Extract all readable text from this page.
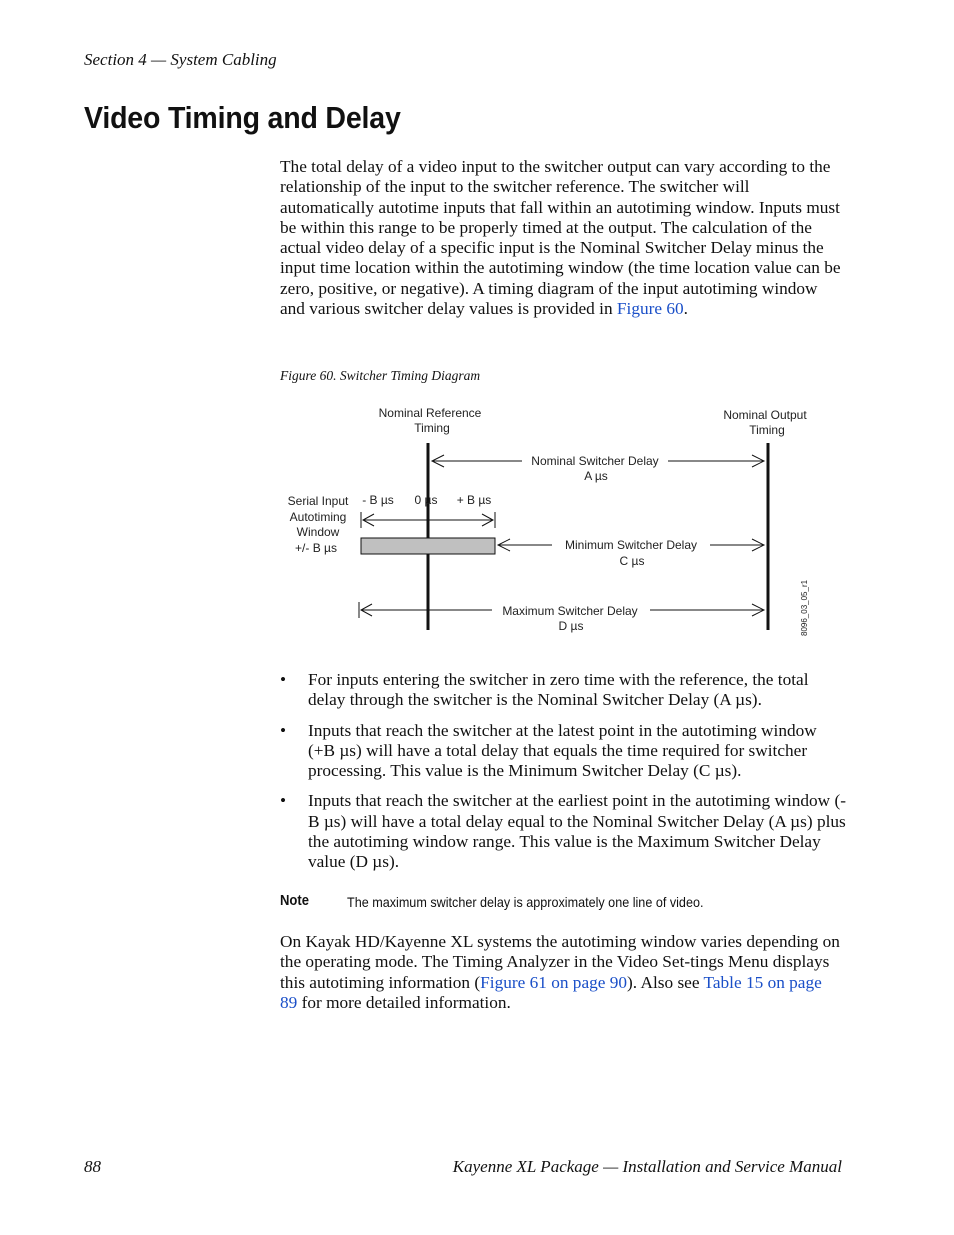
Section 4 — System Cabling
Video Timing and Delay

The total delay of a video input to the switcher output can vary according to the relationship of the input to the switcher reference. The switcher will automatically autotime inputs that fall within an autotiming window. Inputs must be within this range to be properly timed at the output. The calculation of the actual video delay of a specific input is the Nominal Switcher Delay minus the input time location within the autotiming window (the time location value can be zero, positive, or negative). A timing diagram of the input autotiming window and various switcher delay values is provided in Figure 60.

Figure 60. Switcher Timing Diagram
Nominal Reference
Timing
Nominal Output
Timing
Nominal Switcher Delay
A µs
- B µs 0 µs + B µs
Serial Input
Autotiming
Window
+/- B µs	Minimum Switcher Delay
C µs
Maximum Switcher Delay
D µs	8096_03_05_r1
• For inputs entering the switcher in zero time with the reference, the total delay through the switcher is the Nominal Switcher Delay (A µs).
• Inputs that reach the switcher at the latest point in the autotiming window (+B µs) will have a total delay that equals the time required for switcher processing. This value is the Minimum Switcher Delay (C µs).
• Inputs that reach the switcher at the earliest point in the autotiming window (-B µs) will have a total delay equal to the Nominal Switcher Delay (A µs) plus the autotiming window range. This value is the Maximum Switcher Delay value (D µs).
Note	The maximum switcher delay is approximately one line of video.

On Kayak HD/Kayenne XL systems the autotiming window varies depending on the operating mode. The Timing Analyzer in the Video Set-tings Menu displays this autotiming information (Figure 61 on page 90). Also see Table 15 on page 89 for more detailed information.

88	Kayenne XL Package — Installation and Service Manual
